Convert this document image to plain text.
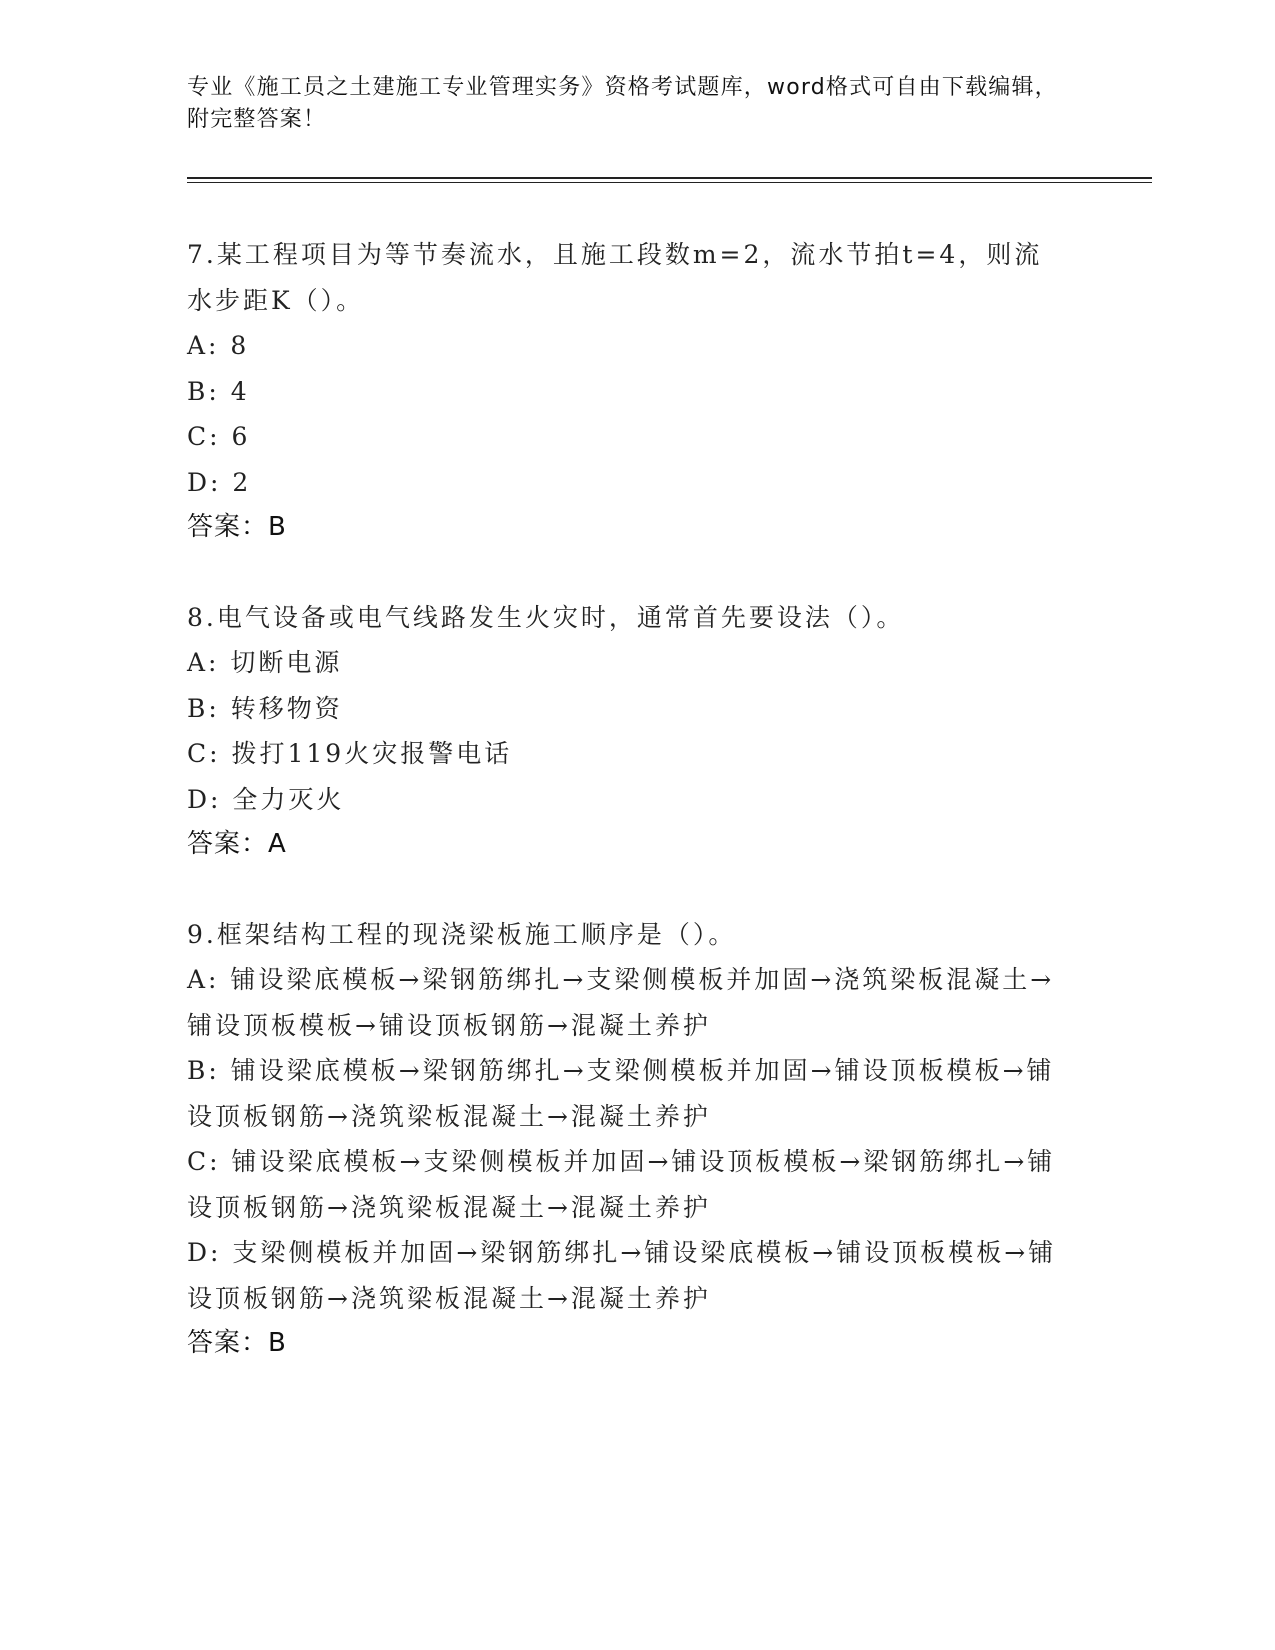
专业《施工员之土建施工专业管理实务》资格考试题库，word格式可自由下载编辑，附完整答案！
7.某工程项目为等节奏流水，且施工段数m=2，流水节拍t=4，则流水步距K（）。
A: 8
B: 4
C: 6
D: 2
答案：B
8.电气设备或电气线路发生火灾时，通常首先要设法（）。
A: 切断电源
B: 转移物资
C: 拨打119火灾报警电话
D: 全力灭火
答案：A
9.框架结构工程的现浇梁板施工顺序是（）。
A: 铺设梁底模板→梁钢筋绑扎→支梁侧模板并加固→浇筑梁板混凝土→铺设顶板模板→铺设顶板钢筋→混凝土养护
B: 铺设梁底模板→梁钢筋绑扎→支梁侧模板并加固→铺设顶板模板→铺设顶板钢筋→浇筑梁板混凝土→混凝土养护
C: 铺设梁底模板→支梁侧模板并加固→铺设顶板模板→梁钢筋绑扎→铺设顶板钢筋→浇筑梁板混凝土→混凝土养护
D: 支梁侧模板并加固→梁钢筋绑扎→铺设梁底模板→铺设顶板模板→铺设顶板钢筋→浇筑梁板混凝土→混凝土养护
答案：B
